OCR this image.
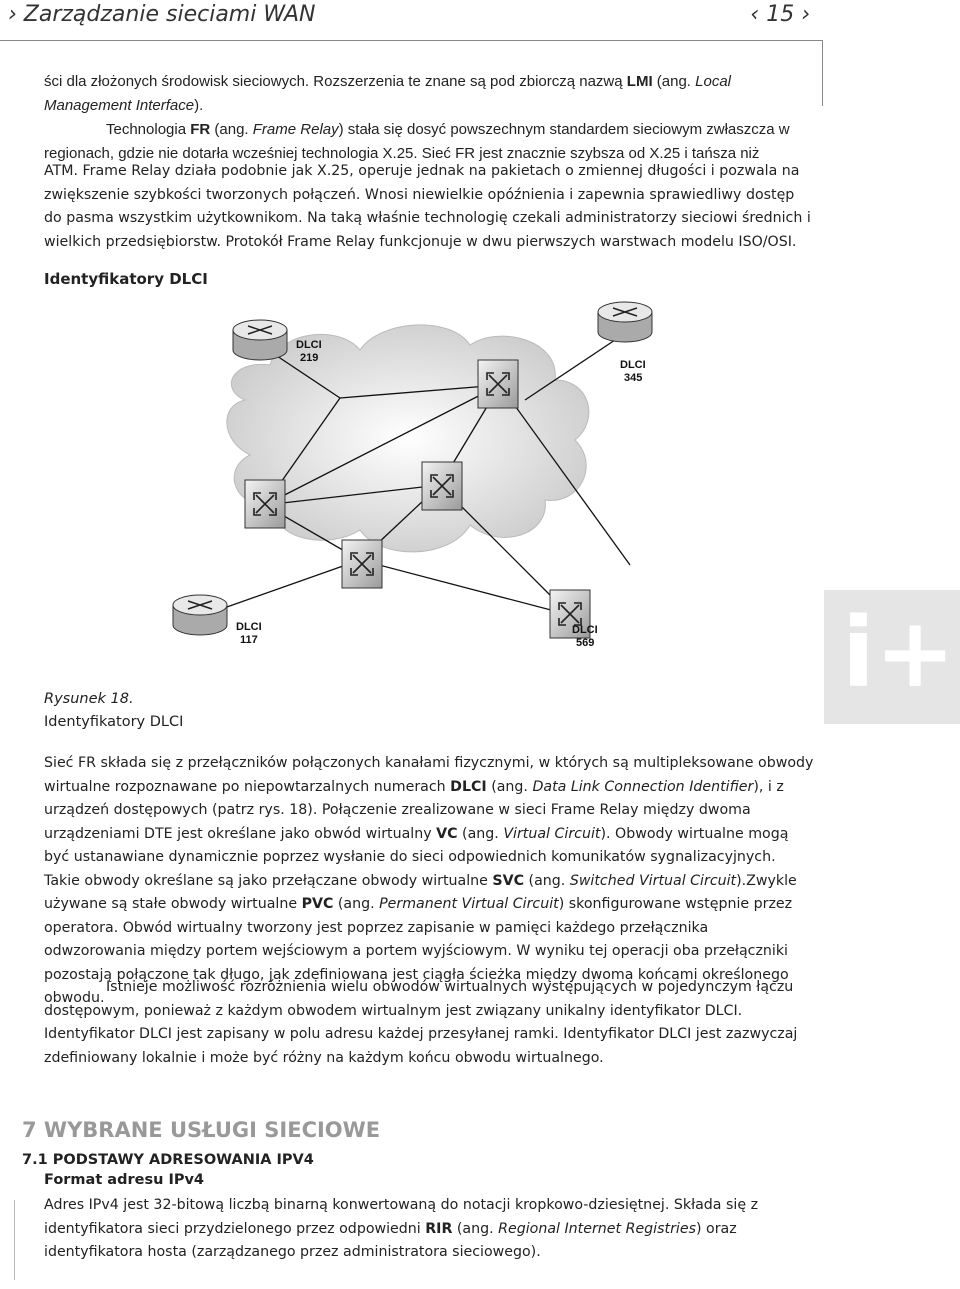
› Zarządzanie sieciami WAN	‹ 15 ›

ści dla złożonych środowisk sieciowych. Rozszerzenia te znane są pod zbiorczą nazwą LMI (ang. Local Management Interface).

Technologia FR (ang. Frame Relay) stała się dosyć powszechnym standardem sieciowym zwłaszcza w regionach, gdzie nie dotarła wcześniej technologia X.25. Sieć FR jest znacznie szybsza od X.25 i tańsza niż

ATM. Frame Relay działa podobnie jak X.25, operuje jednak na pakietach o zmiennej długości i pozwala na zwiększenie szybkości tworzonych połączeń. Wnosi niewielkie opóźnienia i zapewnia sprawiedliwy dostęp do pasma wszystkim użytkownikom. Na taką właśnie technologię czekali administratorzy sieciowi średnich i wielkich przedsiębiorstw. Protokół Frame Relay funkcjonuje w dwu pierwszych warstwach modelu ISO/OSI.

Identyfikatory DLCI
DLCI
219
DLCI
345
DLCI
117
DLCI
569
Rysunek 18.
Identyfikatory DLCI
i+

Sieć FR składa się z przełączników połączonych kanałami fizycznymi, w których są multipleksowane obwody wirtualne rozpoznawane po niepowtarzalnych numerach DLCI (ang. Data Link Connection Identifier), i z urządzeń dostępowych (patrz rys. 18). Połączenie zrealizowane w sieci Frame Relay między dwoma urządzeniami DTE jest określane jako obwód wirtualny VC (ang. Virtual Circuit). Obwody wirtualne mogą być ustanawiane dynamicznie poprzez wysłanie do sieci odpowiednich komunikatów sygnalizacyjnych. Takie obwody określane są jako przełączane obwody wirtualne SVC (ang. Switched Virtual Circuit).Zwykle używane są stałe obwody wirtualne PVC (ang. Permanent Virtual Circuit) skonfigurowane wstępnie przez operatora. Obwód wirtualny tworzony jest poprzez zapisanie w pamięci każdego przełącznika odwzorowania między portem wejściowym a portem wyjściowym. W wyniku tej operacji oba przełączniki pozostają połączone tak długo, jak zdefiniowana jest ciągła ścieżka między dwoma końcami określonego obwodu.

Istnieje możliwość rozróżnienia wielu obwodów wirtualnych występujących w pojedynczym łączu dostępowym, ponieważ z każdym obwodem wirtualnym jest związany unikalny identyfikator DLCI. Identyfikator DLCI jest zapisany w polu adresu każdej przesyłanej ramki. Identyfikator DLCI jest zazwyczaj zdefiniowany lokalnie i może być różny na każdym końcu obwodu wirtualnego.

7 WYBRANE USŁUGI SIECIOWE
7.1 PODSTAWY ADRESOWANIA IPV4
Format adresu IPv4

Adres IPv4 jest 32-bitową liczbą binarną konwertowaną do notacji kropkowo-dziesiętnej. Składa się z identyfikatora sieci przydzielonego przez odpowiedni RIR (ang. Regional Internet Registries) oraz identyfikatora hosta (zarządzanego przez administratora sieciowego).
